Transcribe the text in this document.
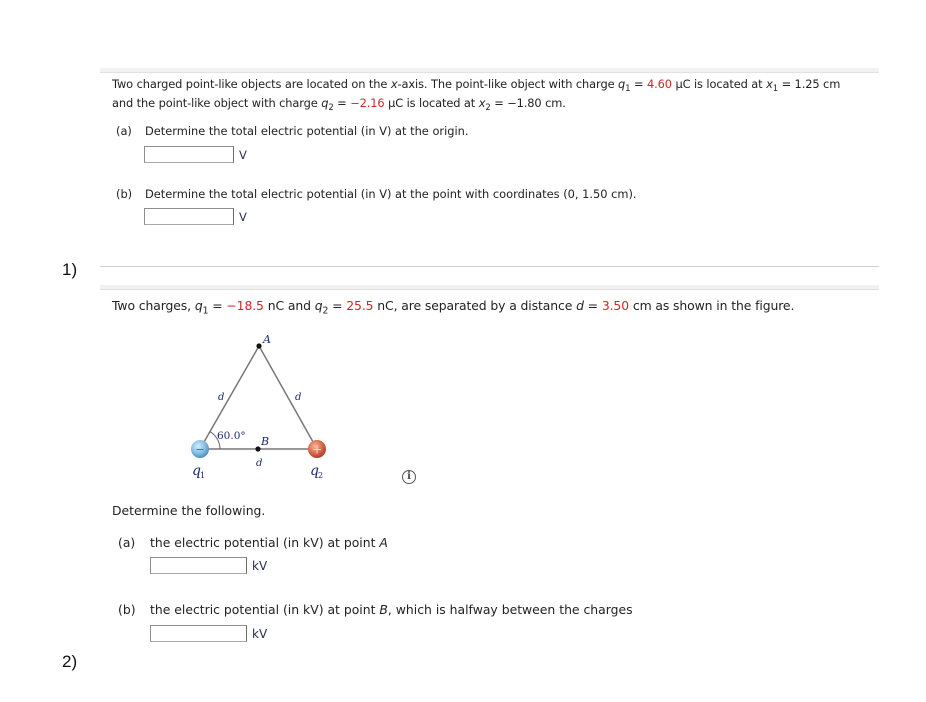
Two charged point-like objects are located on the x-axis. The point-like object with charge $q_1 = 4.60$ μC is located at $x_1 = 1.25$ cm
and the point-like object with charge $q_2 = -2.16$ μC is located at $x_2 = -1.80$ cm.
(a) Determine the total electric potential (in V) at the origin.
V
(b) Determine the total electric potential (in V) at the point with coordinates (0, 1.50 cm).
V
1)
Two charges, $q_1 = -18.5$ nC and $q_2 = 25.5$ nC, are separated by a distance d = 3.50 cm as shown in the figure.
−	+
A
d	d
d
B
60.0°
q 1	q 2	i
Determine the following.
(a) the electric potential (in kV) at point A
kV
(b) the electric potential (in kV) at point B, which is halfway between the charges
kV
2)
